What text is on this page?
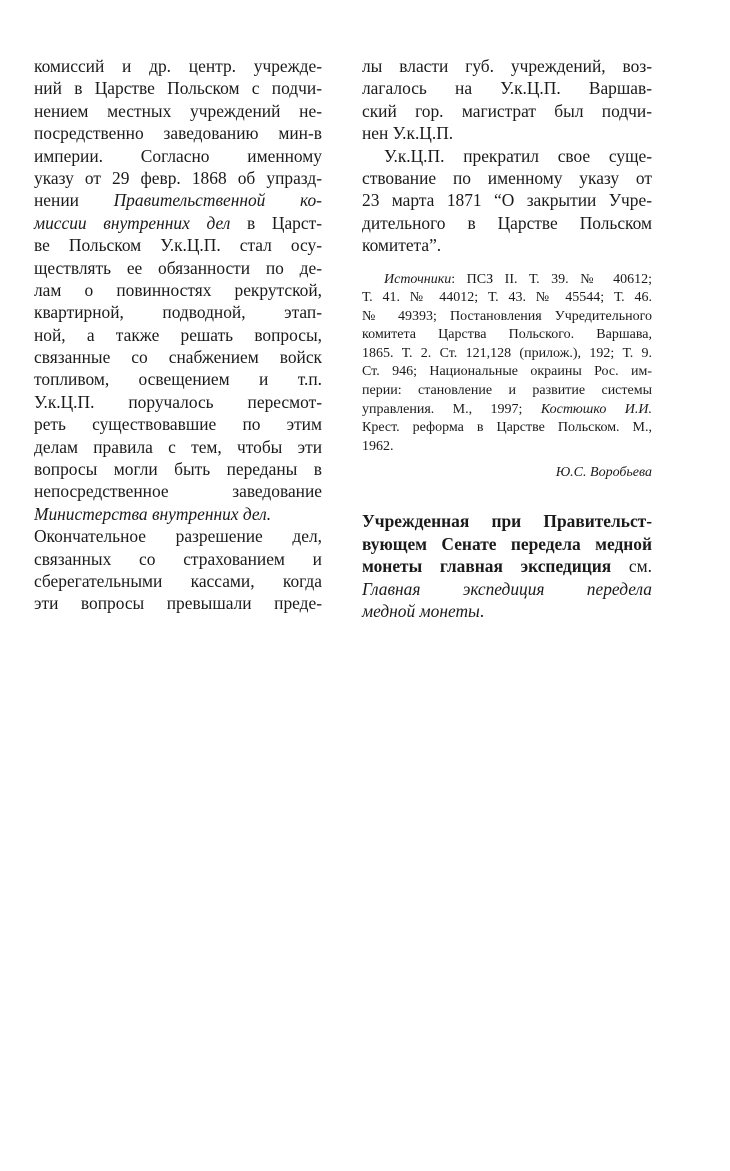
комиссий и др. центр. учрежде-
ний в Царстве Польском с подчи-
нением местных учреждений не-
посредственно заведованию мин-в
империи. Согласно именному
указу от 29 февр. 1868 об упразд-
нении Правительственной ко-
миссии внутренних дел в Царст-
ве Польском У.к.Ц.П. стал осу-
ществлять ее обязанности по де-
лам о повинностях рекрутской,
квартирной, подводной, этап-
ной, а также решать вопросы,
связанные со снабжением войск
топливом, освещением и т.п.
У.к.Ц.П. поручалось пересмот-
реть существовавшие по этим
делам правила с тем, чтобы эти
вопросы могли быть переданы в
непосредственное заведование
Министерства внутренних дел.
Окончательное разрешение дел,
связанных со страхованием и
сберегательными кассами, когда
эти вопросы превышали преде-
лы власти губ. учреждений, воз-
лагалось на У.к.Ц.П. Варшав-
ский гор. магистрат был подчи-
нен У.к.Ц.П.
У.к.Ц.П. прекратил свое суще-
ствование по именному указу от
23 марта 1871 “О закрытии Учре-
дительного в Царстве Польском
комитета”.
Источники: ПСЗ II. Т. 39. № 40612;
Т. 41. № 44012; Т. 43. № 45544; Т. 46.
№ 49393; Постановления Учредительного
комитета Царства Польского. Варшава,
1865. Т. 2. Ст. 121,128 (прилож.), 192; Т. 9.
Ст. 946; Национальные окраины Рос. им-
перии: становление и развитие системы
управления. М., 1997; Костюшко И.И.
Крест. реформа в Царстве Польском. М.,
1962.
Ю.С. Воробьева
Учрежденная при Правительст-
вующем Сенате передела медной
монеты главная экспедиция см.
Главная экспедиция передела
медной монеты.
